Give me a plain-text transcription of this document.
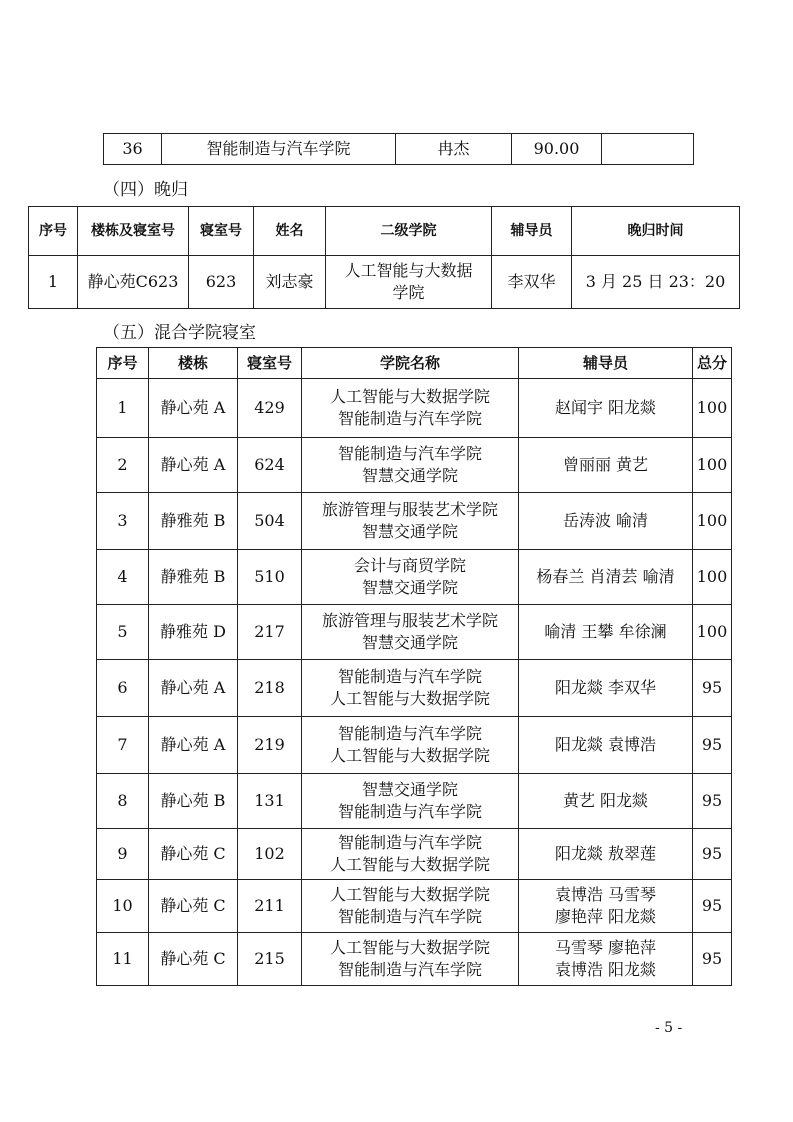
36	智能制造与汽车学院	冉杰	90.00	
（四）晚归
序号	楼栋及寝室号	寝室号	姓名	二级学院	辅导员	晚归时间
1	静心苑C623	623	刘志豪	人工智能与大数据
学院	李双华	3 月 25 日 23：20
（五）混合学院寝室
序号	楼栋	寝室号	学院名称	辅导员	总分
1	静心苑 A	429	人工智能与大数据学院
智能制造与汽车学院	赵闻宇 阳龙燚	100
2	静心苑 A	624	智能制造与汽车学院
智慧交通学院	曾丽丽 黄艺	100
3	静雅苑 B	504	旅游管理与服装艺术学院
智慧交通学院	岳涛波 喻清	100
4	静雅苑 B	510	会计与商贸学院
智慧交通学院	杨春兰 肖清芸 喻清	100
5	静雅苑 D	217	旅游管理与服装艺术学院
智慧交通学院	喻清 王攀 牟徐澜	100
6	静心苑 A	218	智能制造与汽车学院
人工智能与大数据学院	阳龙燚 李双华	95
7	静心苑 A	219	智能制造与汽车学院
人工智能与大数据学院	阳龙燚 袁博浩	95
8	静心苑 B	131	智慧交通学院
智能制造与汽车学院	黄艺 阳龙燚	95
9	静心苑 C	102	智能制造与汽车学院
人工智能与大数据学院	阳龙燚 敖翠莲	95
10	静心苑 C	211	人工智能与大数据学院
智能制造与汽车学院	袁博浩 马雪琴
廖艳萍 阳龙燚	95
11	静心苑 C	215	人工智能与大数据学院
智能制造与汽车学院	马雪琴 廖艳萍
袁博浩 阳龙燚	95
- 5 -
